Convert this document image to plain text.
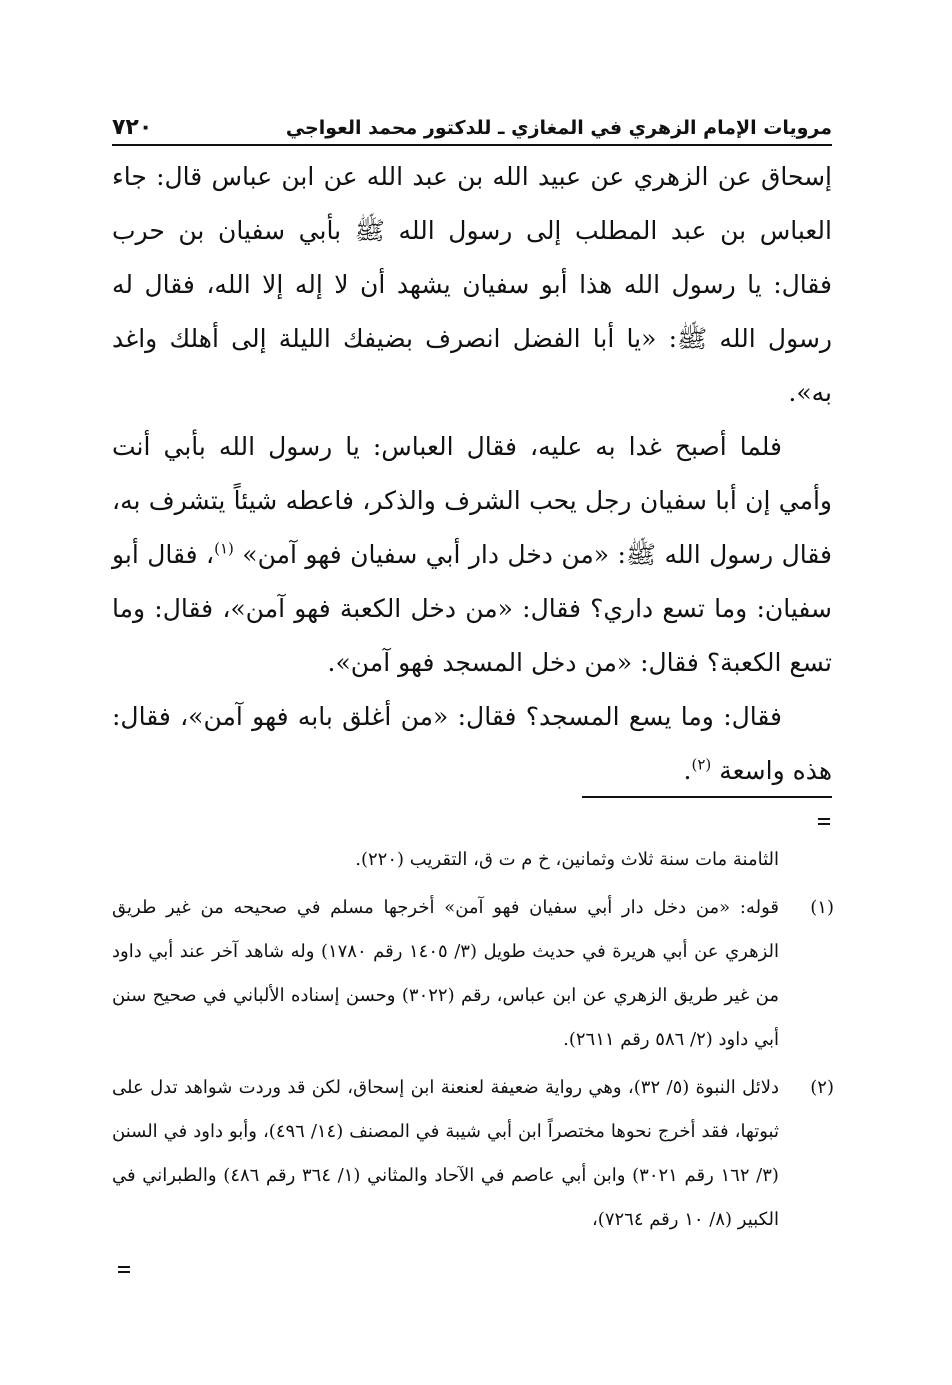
مرويات الإمام الزهري في المغازي ـ للدكتور محمد العواجي
٧٢٠

إسحاق عن الزهري عن عبيد الله بن عبد الله عن ابن عباس قال: جاء العباس بن عبد المطلب إلى رسول الله ﷺ بأبي سفيان بن حرب فقال: يا رسول الله هذا أبو سفيان يشهد أن لا إله إلا الله، فقال له رسول الله ﷺ: «يا أبا الفضل انصرف بضيفك الليلة إلى أهلك واغد به».

فلما أصبح غدا به عليه، فقال العباس: يا رسول الله بأبي أنت وأمي إن أبا سفيان رجل يحب الشرف والذكر، فاعطه شيئاً يتشرف به، فقال رسول الله ﷺ: «من دخل دار أبي سفيان فهو آمن» $^{(١)}$، فقال أبو سفيان: وما تسع داري؟ فقال: «من دخل الكعبة فهو آمن»، فقال: وما تسع الكعبة؟ فقال: «من دخل المسجد فهو آمن».

فقال: وما يسع المسجد؟ فقال: «من أغلق بابه فهو آمن»، فقال: هذه واسعة $^{(٢)}$.

الثامنة مات سنة ثلاث وثمانين، خ م ت ق، التقريب (٢٢٠).
(١)
قوله: «من دخل دار أبي سفيان فهو آمن» أخرجها مسلم في صحيحه من غير طريق الزهري عن أبي هريرة في حديث طويل (٣/ ١٤٠٥ رقم ١٧٨٠) وله شاهد آخر عند أبي داود من غير طريق الزهري عن ابن عباس، رقم (٣٠٢٢) وحسن إسناده الألباني في صحيح سنن أبي داود (٢/ ٥٨٦ رقم ٢٦١١).
(٢)
دلائل النبوة (٥/ ٣٢)، وهي رواية ضعيفة لعنعنة ابن إسحاق، لكن قد وردت شواهد تدل على ثبوتها، فقد أخرج نحوها مختصراً ابن أبي شيبة في المصنف (١٤/ ٤٩٦)، وأبو داود في السنن (٣/ ١٦٢ رقم ٣٠٢١) وابن أبي عاصم في الآحاد والمثاني (١/ ٣٦٤ رقم ٤٨٦) والطبراني في الكبير (٨/ ١٠ رقم ٧٢٦٤)،
